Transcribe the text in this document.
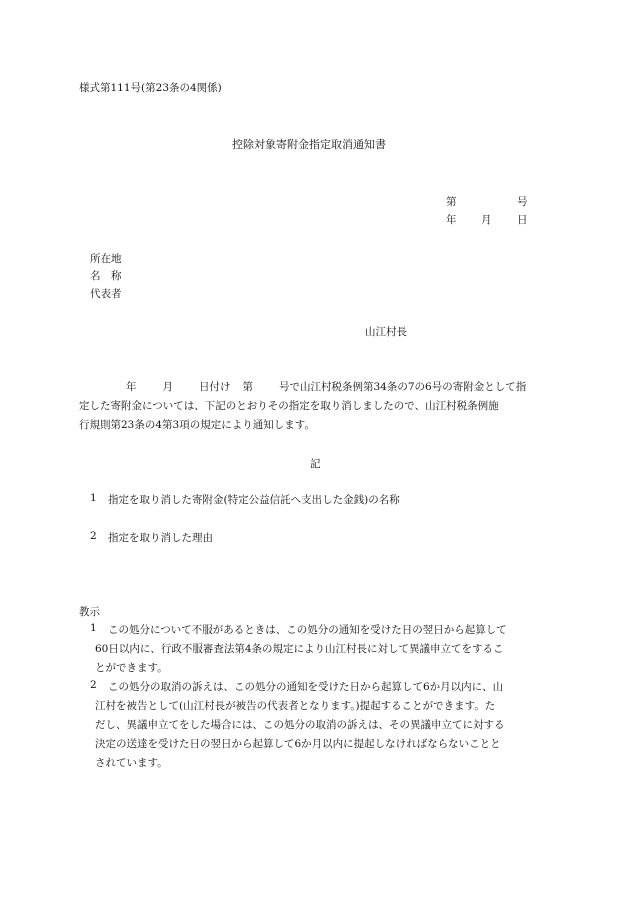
様式第111号(第23条の4関係)
控除対象寄附金指定取消通知書
第	号
年 月 日
所在地
名　称
代表者
山江村長
年 月 日付け 第 号で山江村税条例第34条の7の6号の寄附金として指
定した寄附金については、下記のとおりその指定を取り消しましたので、山江村税条例施
行規則第23条の4第3項の規定により通知します。
記
1 指定を取り消した寄附金(特定公益信託へ支出した金銭)の名称
2 指定を取り消した理由
教示
1 この処分について不服があるときは、この処分の通知を受けた日の翌日から起算して
60日以内に、行政不服審査法第4条の規定により山江村長に対して異議申立てをするこ
とができます。
2 この処分の取消の訴えは、この処分の通知を受けた日から起算して6か月以内に、山
江村を被告として(山江村長が被告の代表者となります。)提起することができます。た
だし、異議申立てをした場合には、この処分の取消の訴えは、その異議申立てに対する
決定の送達を受けた日の翌日から起算して6か月以内に提起しなければならないことと
されています。
